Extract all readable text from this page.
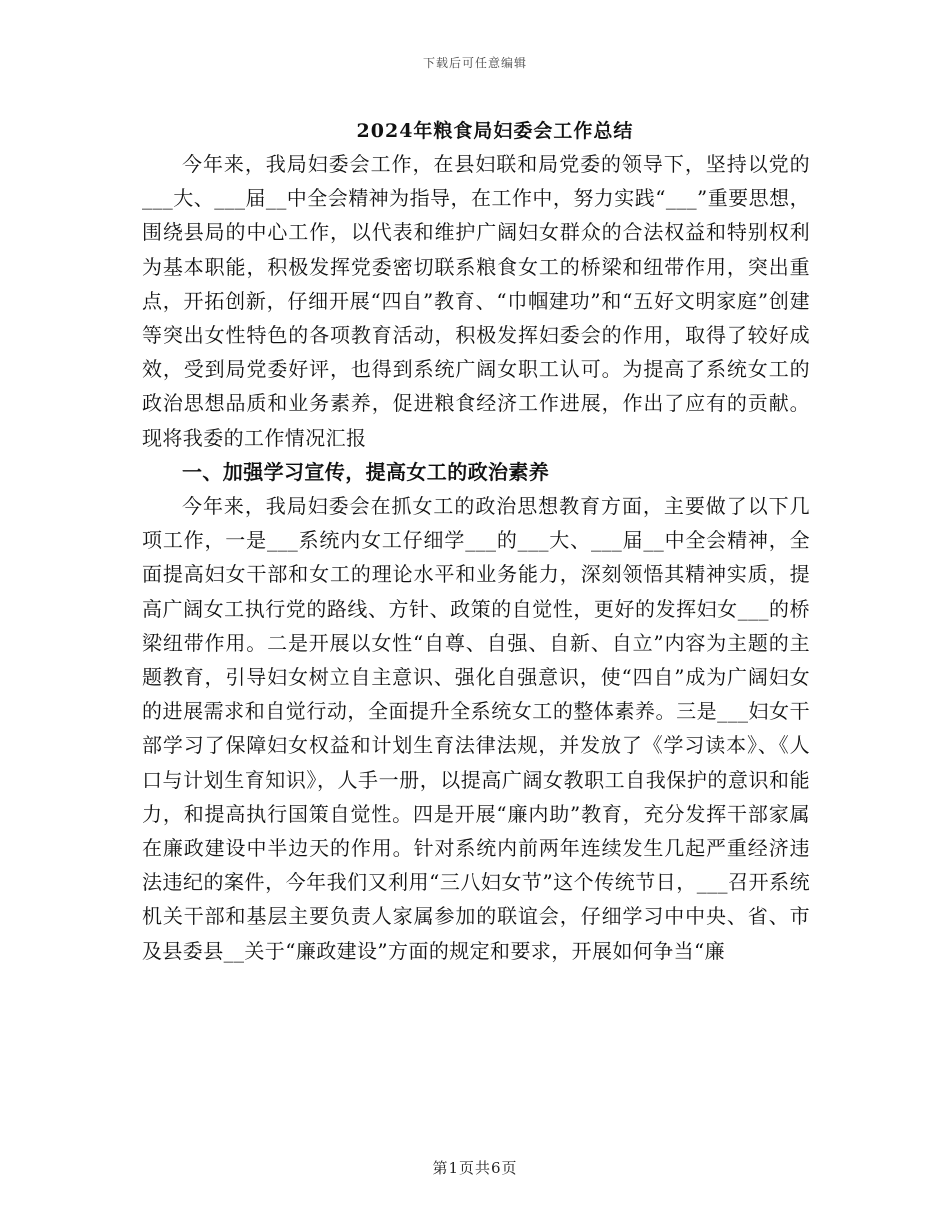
下载后可任意编辑
2024年粮食局妇委会工作总结

今年来，我局妇委会工作，在县妇联和局党委的领导下，坚持以党的___大、___届__中全会精神为指导，在工作中，努力实践“___”重要思想，围绕县局的中心工作，以代表和维护广阔妇女群众的合法权益和特别权利为基本职能，积极发挥党委密切联系粮食女工的桥梁和纽带作用，突出重点，开拓创新，仔细开展“四自”教育、“巾帼建功”和“五好文明家庭”创建等突出女性特色的各项教育活动，积极发挥妇委会的作用，取得了较好成效，受到局党委好评，也得到系统广阔女职工认可。为提高了系统女工的政治思想品质和业务素养，促进粮食经济工作进展，作出了应有的贡献。现将我委的工作情况汇报

一、加强学习宣传，提高女工的政治素养

今年来，我局妇委会在抓女工的政治思想教育方面，主要做了以下几项工作，一是___系统内女工仔细学___的___大、___届__中全会精神，全面提高妇女干部和女工的理论水平和业务能力，深刻领悟其精神实质，提高广阔女工执行党的路线、方针、政策的自觉性，更好的发挥妇女___的桥梁纽带作用。二是开展以女性“自尊、自强、自新、自立”内容为主题的主题教育，引导妇女树立自主意识、强化自强意识，使“四自”成为广阔妇女的进展需求和自觉行动，全面提升全系统女工的整体素养。三是___妇女干部学习了保障妇女权益和计划生育法律法规，并发放了《学习读本》、《人口与计划生育知识》，人手一册，以提高广阔女教职工自我保护的意识和能力，和提高执行国策自觉性。四是开展“廉内助”教育，充分发挥干部家属在廉政建设中半边天的作用。针对系统内前两年连续发生几起严重经济违法违纪的案件，今年我们又利用“三八妇女节”这个传统节日，___召开系统机关干部和基层主要负责人家属参加的联谊会，仔细学习中中央、省、市及县委县__关于“廉政建设”方面的规定和要求，开展如何争当“廉

第1页共6页
